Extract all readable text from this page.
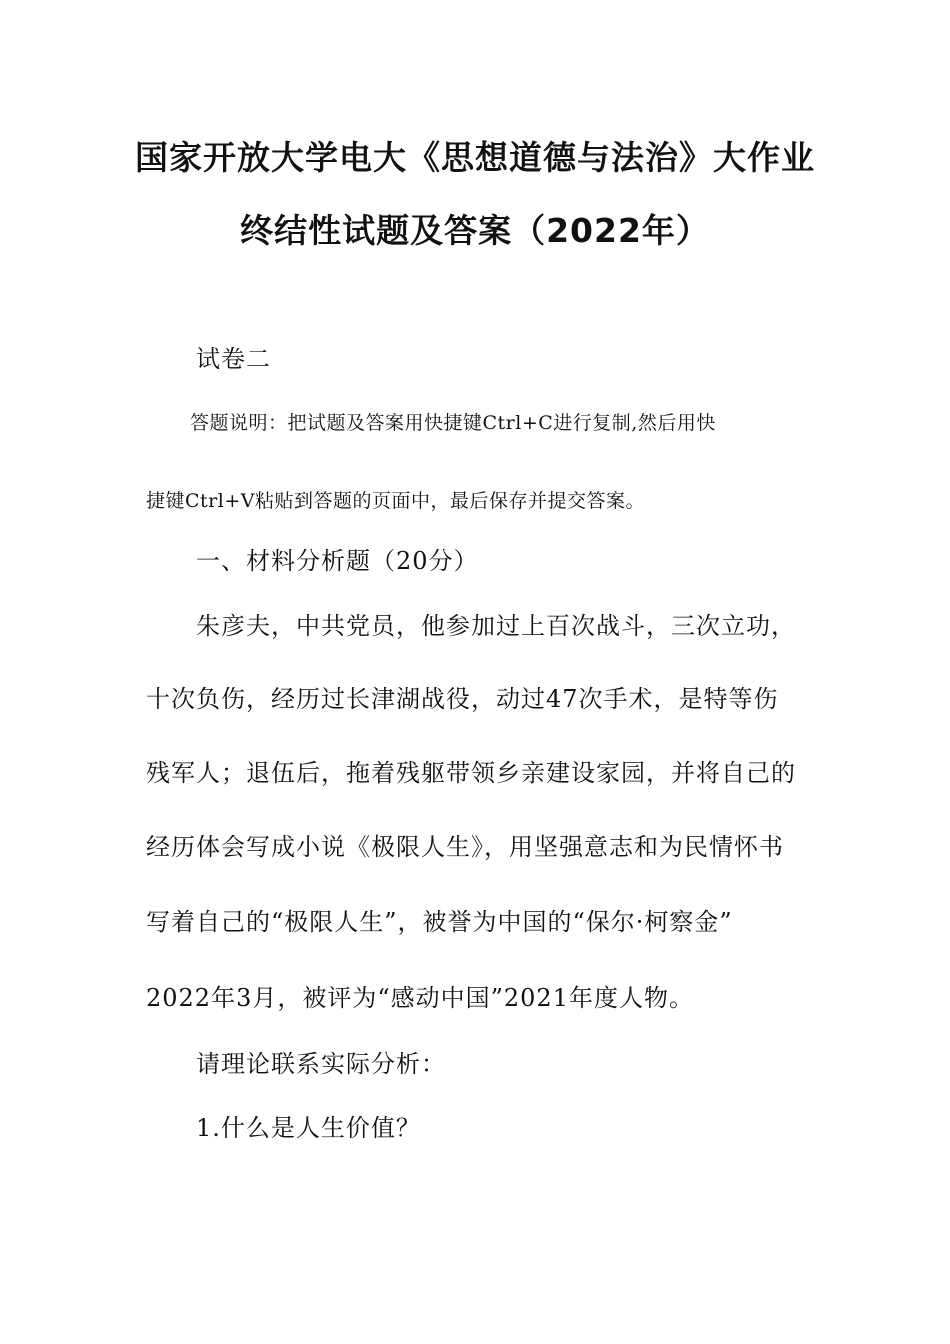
国家开放大学电大《思想道德与法治》大作业
终结性试题及答案（2022年）
试卷二
答题说明：把试题及答案用快捷键Ctrl+C进行复制,然后用快
捷键Ctrl+V粘贴到答题的页面中，最后保存并提交答案。
一、材料分析题（20分）
朱彦夫，中共党员，他参加过上百次战斗，三次立功，
十次负伤，经历过长津湖战役，动过47次手术，是特等伤
残军人；退伍后，拖着残躯带领乡亲建设家园，并将自己的
经历体会写成小说《极限人生》，用坚强意志和为民情怀书
写着自己的“极限人生”，被誉为中国的“保尔·柯察金”
2022年3月，被评为“感动中国”2021年度人物。
请理论联系实际分析：
1.什么是人生价值？
